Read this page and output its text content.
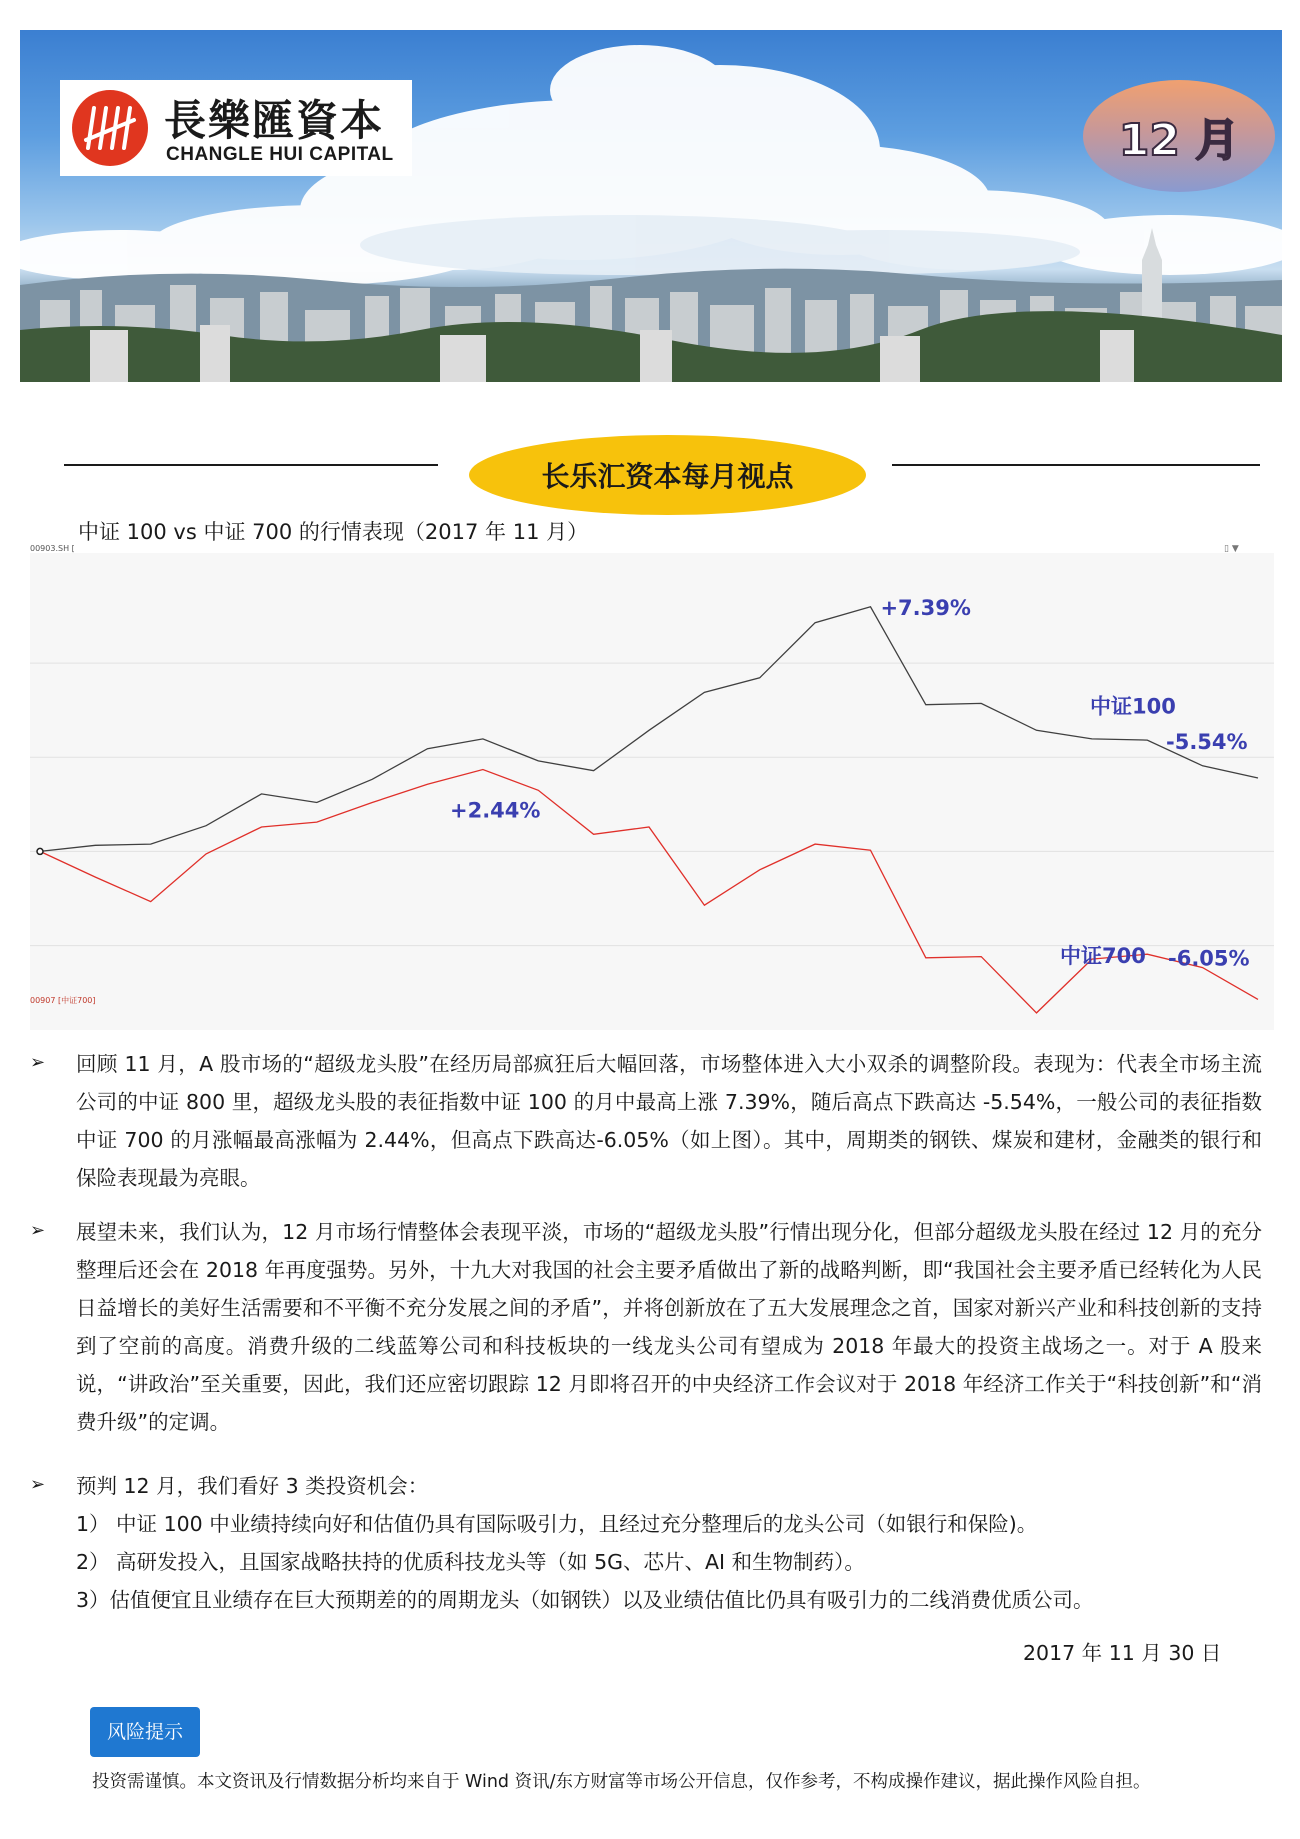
長樂匯資本
CHANGLE HUI CAPITAL	12 月
长乐汇资本每月视点
中证 100 vs 中证 700 的行情表现（2017 年 11 月）
+7.39%
中证100
-5.54%
+2.44%
中证700 -6.05%
00903.SH [	▯ ▼
00907 [中证700]
➢ 回顾 11 月，A 股市场的“超级龙头股”在经历局部疯狂后大幅回落，市场整体进入大小双杀的调整阶段。表现为：代表全市场主流公司的中证 800 里，超级龙头股的表征指数中证 100 的月中最高上涨 7.39%，随后高点下跌高达 -5.54%，一般公司的表征指数中证 700 的月涨幅最高涨幅为 2.44%，但高点下跌高达-6.05%（如上图）。其中，周期类的钢铁、煤炭和建材，金融类的银行和保险表现最为亮眼。
➢ 展望未来，我们认为，12 月市场行情整体会表现平淡，市场的“超级龙头股”行情出现分化，但部分超级龙头股在经过 12 月的充分整理后还会在 2018 年再度强势。另外，十九大对我国的社会主要矛盾做出了新的战略判断，即“我国社会主要矛盾已经转化为人民日益增长的美好生活需要和不平衡不充分发展之间的矛盾”，并将创新放在了五大发展理念之首，国家对新兴产业和科技创新的支持到了空前的高度。消费升级的二线蓝筹公司和科技板块的一线龙头公司有望成为 2018 年最大的投资主战场之一。对于 A 股来说，“讲政治”至关重要，因此，我们还应密切跟踪 12 月即将召开的中央经济工作会议对于 2018 年经济工作关于“科技创新”和“消费升级”的定调。
➢ 预判 12 月，我们看好 3 类投资机会：
1） 中证 100 中业绩持续向好和估值仍具有国际吸引力，且经过充分整理后的龙头公司（如银行和保险)。
2） 高研发投入，且国家战略扶持的优质科技龙头等（如 5G、芯片、AI 和生物制药）。
3）估值便宜且业绩存在巨大预期差的的周期龙头（如钢铁）以及业绩估值比仍具有吸引力的二线消费优质公司。
2017 年 11 月 30 日
风险提示
投资需谨慎。本文资讯及行情数据分析均来自于 Wind 资讯/东方财富等市场公开信息，仅作参考，不构成操作建议，据此操作风险自担。
